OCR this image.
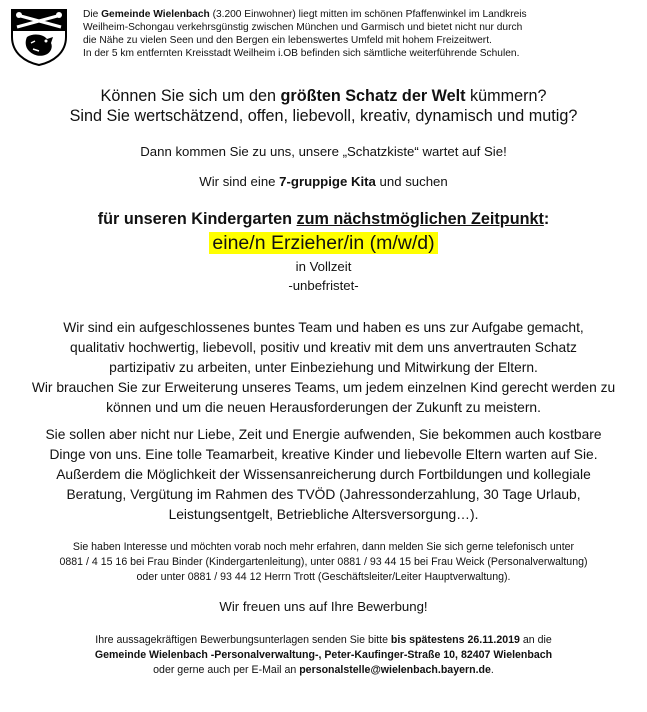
Die Gemeinde Wielenbach (3.200 Einwohner) liegt mitten im schönen Pfaffenwinkel im Landkreis
Weilheim-Schongau verkehrsgünstig zwischen München und Garmisch und bietet nicht nur durch
die Nähe zu vielen Seen und den Bergen ein lebenswertes Umfeld mit hohem Freizeitwert.
In der 5 km entfernten Kreisstadt Weilheim i.OB befinden sich sämtliche weiterführende Schulen.
Können Sie sich um den größten Schatz der Welt kümmern?
Sind Sie wertschätzend, offen, liebevoll, kreativ, dynamisch und mutig?
Dann kommen Sie zu uns, unsere „Schatzkiste“ wartet auf Sie!
Wir sind eine 7-gruppige Kita und suchen
für unseren Kindergarten zum nächstmöglichen Zeitpunkt:
eine/n Erzieher/in (m/w/d)
in Vollzeit
-unbefristet-
Wir sind ein aufgeschlossenes buntes Team und haben es uns zur Aufgabe gemacht,
qualitativ hochwertig, liebevoll, positiv und kreativ mit dem uns anvertrauten Schatz
partizipativ zu arbeiten, unter Einbeziehung und Mitwirkung der Eltern.
Wir brauchen Sie zur Erweiterung unseres Teams, um jedem einzelnen Kind gerecht werden zu
können und um die neuen Herausforderungen der Zukunft zu meistern.
Sie sollen aber nicht nur Liebe, Zeit und Energie aufwenden, Sie bekommen auch kostbare
Dinge von uns. Eine tolle Teamarbeit, kreative Kinder und liebevolle Eltern warten auf Sie.
Außerdem die Möglichkeit der Wissensanreicherung durch Fortbildungen und kollegiale
Beratung, Vergütung im Rahmen des TVÖD (Jahressonderzahlung, 30 Tage Urlaub,
Leistungsentgelt, Betriebliche Altersversorgung…).
Sie haben Interesse und möchten vorab noch mehr erfahren, dann melden Sie sich gerne telefonisch unter
0881 / 4 15 16 bei Frau Binder (Kindergartenleitung), unter 0881 / 93 44 15 bei Frau Weick (Personalverwaltung)
oder unter 0881 / 93 44 12 Herrn Trott (Geschäftsleiter/Leiter Hauptverwaltung).
Wir freuen uns auf Ihre Bewerbung!
Ihre aussagekräftigen Bewerbungsunterlagen senden Sie bitte bis spätestens 26.11.2019 an die
Gemeinde Wielenbach -Personalverwaltung-, Peter-Kaufinger-Straße 10, 82407 Wielenbach
oder gerne auch per E-Mail an personalstelle@wielenbach.bayern.de.
